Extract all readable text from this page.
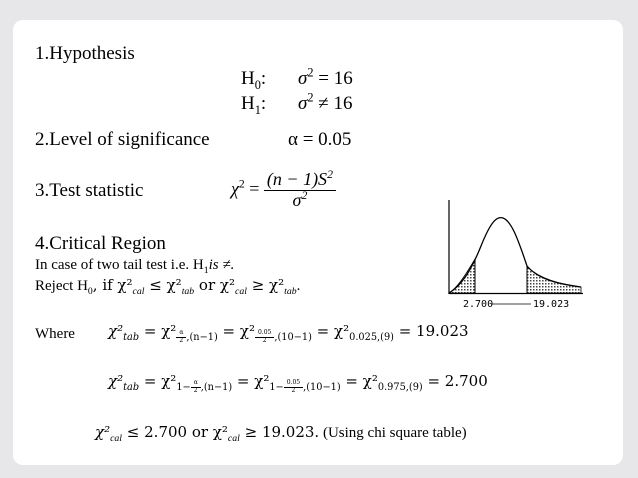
1.Hypothesis
$H_0$: $\sigma^2 = 16$
$H_1$: $\sigma^2 \ne 16$
2.Level of significance	α = 0.05
3.Test statistic	$\chi^2 = \frac{(n - 1)S^2}{\sigma^2}$
4.Critical Region
In case of two tail test i.e. $H_1is$ ≠.
Reject $H_0$, if $\chi^2_{cal} \le \chi^2_{tab}$ or $\chi^2_{cal} \ge \chi^2_{tab}$.
Where $\chi^2_{tab} = \chi^2$ $_{\frac{\alpha}{2} ,(n-1)}$ = χ² $_{\frac{0.05}{2} ,(10-1)} = \chi^2_{0.025,(9)} = 19.023$
$\chi^2_{tab} = \chi^2_{1- \frac{\alpha}{2} ,(n-1)} = \chi^2_{1- \frac{0.05}{2} ,(10-1)} = \chi^2_{0.975,(9)} = 2.700$
$\chi^2_{cal} \le 2.700$ or $\chi^2_{cal} \ge 19.023$. (Using chi square table)
2.700	19.023
